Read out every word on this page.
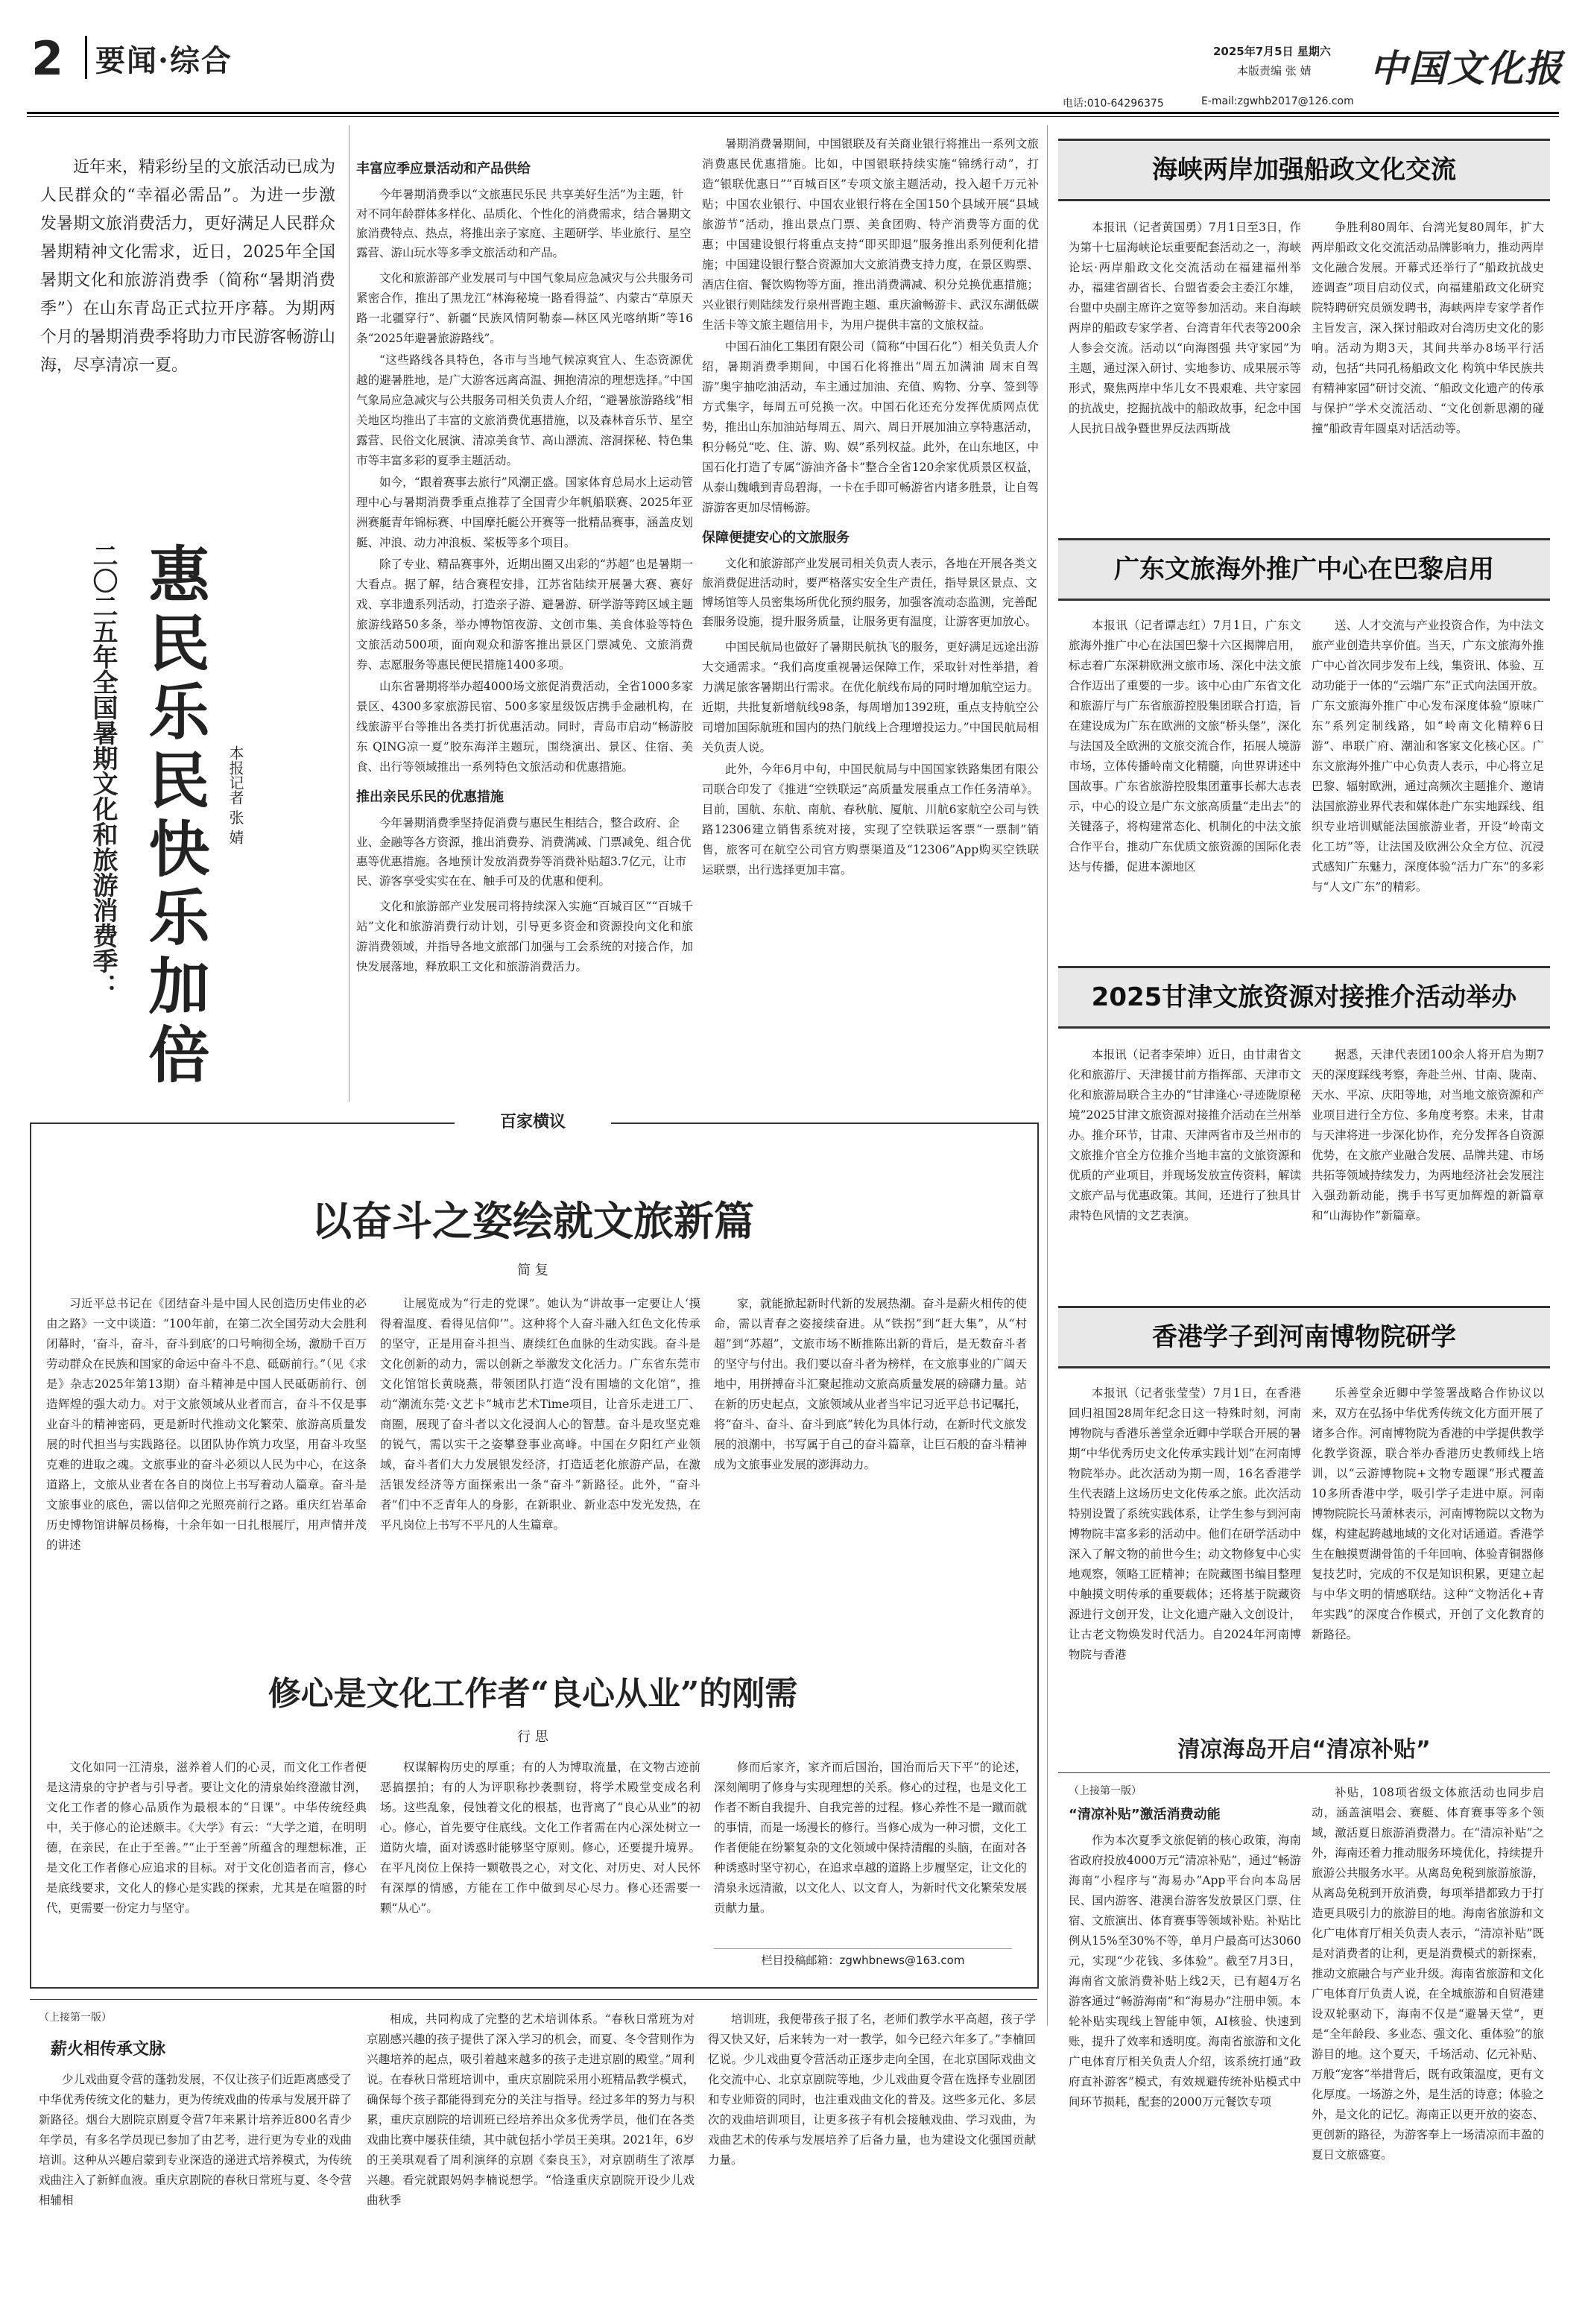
2 要闻·综合	2025年7月5日 星期六
本版责编 张 婧
电话:010-64296375	E-mail:zgwhb2017@126.com
中国文化报

近年来，精彩纷呈的文旅活动已成为人民群众的“幸福必需品”。为进一步激发暑期文旅消费活力，更好满足人民群众暑期精神文化需求，近日，2025年全国暑期文化和旅游消费季（简称“暑期消费季”）在山东青岛正式拉开序幕。为期两个月的暑期消费季将助力市民游客畅游山海，尽享清凉一夏。

二〇二五年全国暑期文化和旅游消费季： 惠民乐民快乐加倍 本报记者 张 婧
丰富应季应景活动和产品供给

今年暑期消费季以“文旅惠民乐民 共享美好生活”为主题，针对不同年龄群体多样化、品质化、个性化的消费需求，结合暑期文旅消费特点、热点，将推出亲子家庭、主题研学、毕业旅行、星空露营、游山玩水等多季文旅活动和产品。

文化和旅游部产业发展司与中国气象局应急减灾与公共服务司紧密合作，推出了黑龙江“林海秘境一路看得益”、内蒙古“草原天路一北疆穿行”、新疆“民族风情阿勒泰—林区风光喀纳斯”等16条“2025年避暑旅游路线”。

“这些路线各具特色，各市与当地气候凉爽宜人、生态资源优越的避暑胜地，是广大游客远离高温、拥抱清凉的理想选择。”中国气象局应急减灾与公共服务司相关负责人介绍，“避暑旅游路线”相关地区均推出了丰富的文旅消费优惠措施，以及森林音乐节、星空露营、民俗文化展演、清凉美食节、高山漂流、溶洞探秘、特色集市等丰富多彩的夏季主题活动。

如今，“跟着赛事去旅行”风潮正盛。国家体育总局水上运动管理中心与暑期消费季重点推荐了全国青少年帆船联赛、2025年亚洲赛艇青年锦标赛、中国摩托艇公开赛等一批精品赛事，涵盖皮划艇、冲浪、动力冲浪板、桨板等多个项目。

除了专业、精品赛事外，近期出圈又出彩的“苏超”也是暑期一大看点。据了解，结合赛程安排，江苏省陆续开展暑大赛、赛好戏、享非遗系列活动，打造亲子游、避暑游、研学游等跨区域主题旅游线路50多条，举办博物馆夜游、文创市集、美食体验等特色文旅活动500项，面向观众和游客推出景区门票减免、文旅消费券、志愿服务等惠民便民措施1400多项。

山东省暑期将举办超4000场文旅促消费活动，全省1000多家景区、4300多家旅游民宿、500多家星级饭店携手金融机构，在线旅游平台等推出各类打折优惠活动。同时，青岛市启动“畅游胶东 QING凉一夏”胶东海洋主题玩，围绕演出、景区、住宿、美食、出行等领域推出一系列特色文旅活动和优惠措施。

推出亲民乐民的优惠措施

今年暑期消费季坚持促消费与惠民生相结合，整合政府、企业、金融等各方资源，推出消费券、消费满减、门票减免、组合优惠等优惠措施。各地预计发放消费券等消费补贴超3.7亿元，让市民、游客享受实实在在、触手可及的优惠和便利。

文化和旅游部产业发展司将持续深入实施“百城百区”“百城千站”文化和旅游消费行动计划，引导更多资金和资源投向文化和旅游消费领域，并指导各地文旅部门加强与工会系统的对接合作，加快发展落地，释放职工文化和旅游消费活力。

暑期消费暑期间，中国银联及有关商业银行将推出一系列文旅消费惠民优惠措施。比如，中国银联持续实施“锦绣行动”，打造“银联优惠日”“百城百区”专项文旅主题活动，投入超千万元补贴；中国农业银行、中国农业银行将在全国150个县域开展“县域旅游节”活动，推出景点门票、美食团购、特产消费等方面的优惠；中国建设银行将重点支持“即买即退”服务推出系列便利化措施；中国建设银行整合资源加大文旅消费支持力度，在景区购票、酒店住宿、餐饮购物等方面，推出消费满减、积分兑换优惠措施；兴业银行则陆续发行泉州晋跑主题、重庆渝畅游卡、武汉东湖低碳生活卡等文旅主题信用卡，为用户提供丰富的文旅权益。

中国石油化工集团有限公司（简称“中国石化”）相关负责人介绍，暑期消费季期间，中国石化将推出“周五加满油 周末自驾游”奥宇抽吃油活动，车主通过加油、充值、购物、分享、签到等方式集字，每周五可兑换一次。中国石化还充分发挥优质网点优势，推出山东加油站每周五、周六、周日开展加油立享特惠活动，积分畅兑“吃、住、游、购、娱”系列权益。此外，在山东地区，中国石化打造了专属“游油齐备卡”整合全省120余家优质景区权益，从泰山魏峨到青岛碧海，一卡在手即可畅游省内诸多胜景，让自驾游游客更加尽情畅游。

保障便捷安心的文旅服务

文化和旅游部产业发展司相关负责人表示，各地在开展各类文旅消费促进活动时，要严格落实安全生产责任，指导景区景点、文博场馆等人员密集场所优化预约服务，加强客流动态监测，完善配套服务设施，提升服务质量，让服务更有温度，让游客更加放心。

中国民航局也做好了暑期民航执飞的服务，更好满足远途出游大交通需求。“我们高度重视暑运保障工作，采取针对性举措，着力满足旅客暑期出行需求。在优化航线布局的同时增加航空运力。近期，共批复新增航线98条，每周增加1392班，重点支持航空公司增加国际航班和国内的热门航线上合理增投运力。”中国民航局相关负责人说。

此外，今年6月中旬，中国民航局与中国国家铁路集团有限公司联合印发了《推进“空铁联运”高质量发展重点工作任务清单》。目前，国航、东航、南航、春秋航、厦航、川航6家航空公司与铁路12306建立销售系统对接，实现了空铁联运客票“一票制”销售，旅客可在航空公司官方购票渠道及“12306”App购买空铁联运联票，出行选择更加丰富。

海峡两岸加强船政文化交流

本报讯（记者黄国勇）7月1日至3日，作为第十七届海峡论坛重要配套活动之一，海峡论坛·两岸船政文化交流活动在福建福州举办，福建省副省长、台盟省委会主委江尔雄，台盟中央副主席许之宽等参加活动。来自海峡两岸的船政专家学者、台湾青年代表等200余人参会交流。活动以“向海图强 共守家园”为主题，通过深入研讨、实地参访、成果展示等形式，聚焦两岸中华儿女不畏艰难、共守家园的抗战史，挖掘抗战中的船政故事，纪念中国人民抗日战争暨世界反法西斯战

争胜利80周年、台湾光复80周年，扩大两岸船政文化交流活动品牌影响力，推动两岸文化融合发展。开幕式还举行了“船政抗战史迹调查”项目启动仪式，向福建船政文化研究院特聘研究员颁发聘书，海峡两岸专家学者作主旨发言，深入探讨船政对台湾历史文化的影响。活动为期3天，其间共举办8场平行活动，包括“共同孔杨船政文化 构筑中华民族共有精神家园”研讨交流、“船政文化遗产的传承与保护”学术交流活动、“文化创新思潮的碰撞”船政青年圆桌对话活动等。

广东文旅海外推广中心在巴黎启用

本报讯（记者谭志红）7月1日，广东文旅海外推广中心在法国巴黎十六区揭牌启用，标志着广东深耕欧洲文旅市场、深化中法文旅合作迈出了重要的一步。该中心由广东省文化和旅游厅与广东省旅游控股集团联合打造，旨在建设成为广东在欧洲的文旅“桥头堡”，深化与法国及全欧洲的文旅交流合作，拓展人境游市场，立体传播岭南文化精髓，向世界讲述中国故事。广东省旅游控股集团董事长郝大志表示，中心的设立是广东文旅高质量“走出去”的关键落子，将构建常态化、机制化的中法文旅合作平台，推动广东优质文旅资源的国际化表达与传播，促进本源地区

送、人才交流与产业投资合作，为中法文旅产业创造共享价值。当天，广东文旅海外推广中心首次同步发布上线，集资讯、体验、互动功能于一体的“云端广东”正式向法国开放。广东文旅海外推广中心发布深度体验“原味广东”系列定制线路，如“岭南文化精粹6日游”、串联广府、潮汕和客家文化核心区。广东文旅海外推广中心负责人表示，中心将立足巴黎、辐射欧洲，通过高频次主题推介、邀请法国旅游业界代表和媒体赴广东实地踩线、组织专业培训赋能法国旅游业者，开设“岭南文化工坊”等，让法国及欧洲公众全方位、沉浸式感知广东魅力，深度体验“活力广东”的多彩与“人文广东”的精彩。

2025甘津文旅资源对接推介活动举办

本报讯（记者李荣坤）近日，由甘肃省文化和旅游厅、天津援甘前方指挥部、天津市文化和旅游局联合主办的“甘津逢心·寻迹陇原秘境”2025甘津文旅资源对接推介活动在兰州举办。推介环节，甘肃、天津两省市及兰州市的文旅推介官全方位推介当地丰富的文旅资源和优质的产业项目，并现场发放宣传资料，解读文旅产品与优惠政策。其间，还进行了独具甘肃特色风情的文艺表演。

据悉，天津代表团100余人将开启为期7天的深度踩线考察，奔赴兰州、甘南、陇南、天水、平凉、庆阳等地，对当地文旅资源和产业项目进行全方位、多角度考察。未来，甘肃与天津将进一步深化协作，充分发挥各自资源优势，在文旅产业融合发展、品牌共建、市场共拓等领域持续发力，为两地经济社会发展注入强劲新动能，携手书写更加辉煌的新篇章和“山海协作”新篇章。

香港学子到河南博物院研学

本报讯（记者张莹莹）7月1日，在香港回归祖国28周年纪念日这一特殊时刻，河南博物院与香港乐善堂余近卿中学联合开展的暑期“中华优秀历史文化传承实践计划”在河南博物院举办。此次活动为期一周，16名香港学生代表踏上这场历史文化传承之旅。此次活动特别设置了系统实践体系，让学生参与到河南博物院丰富多彩的活动中。他们在研学活动中深入了解文物的前世今生；动文物修复中心实地观察，领略工匠精神；在院藏图书编目整理中触摸文明传承的重要载体；还将基于院藏资源进行文创开发，让文化遗产融入文创设计，让古老文物焕发时代活力。自2024年河南博物院与香港

乐善堂余近卿中学签署战略合作协议以来，双方在弘扬中华优秀传统文化方面开展了诸多合作。河南博物院为香港的中学提供教学化教学资源，联合举办香港历史教师线上培训，以“云游博物院+文物专题课”形式覆盖10多所香港中学，吸引学子走进中原。河南博物院院长马萧林表示，河南博物院以文物为媒，构建起跨越地域的文化对话通道。香港学生在触摸贾湖骨笛的千年回响、体验青铜器修复技艺时，完成的不仅是知识积累，更建立起与中华文明的情感联结。这种“文物活化+青年实践”的深度合作模式，开创了文化教育的新路径。

清凉海岛开启“清凉补贴”
（上接第一版）
“清凉补贴”激活消费动能

作为本次夏季文旅促销的核心政策，海南省政府投放4000万元“清凉补贴”，通过“畅游海南”小程序与“海易办”App平台向本岛居民、国内游客、港澳台游客发放景区门票、住宿、文旅演出、体育赛事等领域补贴。补贴比例从15%至30%不等，单月户最高可达3060元，实现“少花钱、多体验”。截至7月3日，海南省文旅消费补贴上线2天，已有超4万名游客通过“畅游海南”和“海易办”注册申领。本轮补贴实现线上智能申领，AI核验、快速到账，提升了效率和透明度。海南省旅游和文化广电体育厅相关负责人介绍，该系统打通“政府直补游客”模式，有效规避传统补贴模式中间环节损耗，配套的2000万元餐饮专项

补贴，108项省级文体旅活动也同步启动，涵盖演唱会、赛艇、体育赛事等多个领域，激活夏日旅游消费潜力。在“清凉补贴”之外，海南还着力推动服务环境优化，持续提升旅游公共服务水平。从离岛免税到旅游旅游，从离岛免税到开放消费，每项举措都致力于打造更具吸引力的旅游目的地。海南省旅游和文化广电体育厅相关负责人表示，“清凉补贴”既是对消费者的让利，更是消费模式的新探索，推动文旅融合与产业升级。海南省旅游和文化广电体育厅负责人说，在全城旅游和自贸港建设双轮驱动下，海南不仅是“避暑天堂”，更是“全年龄段、多业态、强文化、重体验”的旅游目的地。这个夏天，千场活动、亿元补贴、万般“宠客”举措背后，既有政策温度，更有文化厚度。一场游之外，是生活的诗意；体验之外，是文化的记忆。海南正以更开放的姿态、更创新的路径，为游客奉上一场清凉而丰盈的夏日文旅盛宴。

百家横议
以奋斗之姿绘就文旅新篇
简 复

习近平总书记在《团结奋斗是中国人民创造历史伟业的必由之路》一文中谈道：“100年前，在第二次全国劳动大会胜利闭幕时，‘奋斗，奋斗，奋斗到底’的口号响彻全场，激励千百万劳动群众在民族和国家的命运中奋斗不息、砥砺前行。”（见《求是》杂志2025年第13期）奋斗精神是中国人民砥砺前行、创造辉煌的强大动力。对于文旅领域从业者而言，奋斗不仅是事业奋斗的精神密码，更是新时代推动文化繁荣、旅游高质量发展的时代担当与实践路径。以团队协作筑力攻坚，用奋斗攻坚克难的进取之魂。文旅事业的奋斗必须以人民为中心，在这条道路上，文旅从业者在各自的岗位上书写着动人篇章。奋斗是文旅事业的底色，需以信仰之光照亮前行之路。重庆红岩革命历史博物馆讲解员杨梅，十余年如一日扎根展厅，用声情并茂的讲述

让展览成为“行走的党课”。她认为“讲故事一定要让人‘摸得着温度、看得见信仰’”。这种将个人奋斗融入红色文化传承的坚守，正是用奋斗担当、赓续红色血脉的生动实践。奋斗是文化创新的动力，需以创新之举激发文化活力。广东省东莞市文化馆馆长黄晓燕，带领团队打造“没有围墙的文化馆”，推动“潮流东莞·文艺卡”城市艺术Time项目，让音乐走进工厂、商圈，展现了奋斗者以文化浸润人心的智慧。奋斗是攻坚克难的锐气，需以实干之姿攀登事业高峰。中国在夕阳红产业领域，奋斗者们大力发展银发经济，打造适老化旅游产品，在激活银发经济等方面探索出一条“奋斗”新路径。此外，“奋斗者”们中不乏青年人的身影，在新职业、新业态中发光发热，在平凡岗位上书写不平凡的人生篇章。

家，就能掀起新时代新的发展热潮。奋斗是薪火相传的使命，需以青春之姿接续奋进。从“铁拐”到“赶大集”，从“村超”到“苏超”，文旅市场不断推陈出新的背后，是无数奋斗者的坚守与付出。我们要以奋斗者为榜样，在文旅事业的广阔天地中，用拼搏奋斗汇聚起推动文旅高质量发展的磅礴力量。站在新的历史起点，文旅领域从业者当牢记习近平总书记嘱托，将“奋斗、奋斗、奋斗到底”转化为具体行动，在新时代文旅发展的浪潮中，书写属于自己的奋斗篇章，让巨石般的奋斗精神成为文旅事业发展的澎湃动力。

修心是文化工作者“良心从业”的刚需
行 思

文化如同一江清泉，滋养着人们的心灵，而文化工作者便是这清泉的守护者与引导者。要让文化的清泉始终澄澈甘洌，文化工作者的修心品质作为最根本的“日课”。中华传统经典中，关于修心的论述颇丰。《大学》有云：“大学之道，在明明德，在亲民，在止于至善。”“止于至善”所蕴含的理想标准，正是文化工作者修心应追求的目标。对于文化创造者而言，修心是底线要求，文化人的修心是实践的探索，尤其是在喧嚣的时代，更需要一份定力与坚守。

权谋解构历史的厚重；有的人为博取流量，在文物古迹前恶搞摆拍；有的人为评职称抄袭剽窃，将学术殿堂变成名利场。这些乱象，侵蚀着文化的根基，也背离了“良心从业”的初心。修心，首先要守住底线。文化工作者需在内心深处树立一道防火墙，面对诱惑时能够坚守原则。修心，还要提升境界。在平凡岗位上保持一颗敬畏之心，对文化、对历史、对人民怀有深厚的情感，方能在工作中做到尽心尽力。修心还需要一颗“从心”。

修而后家齐，家齐而后国治，国治而后天下平”的论述，深刻阐明了修身与实现理想的关系。修心的过程，也是文化工作者不断自我提升、自我完善的过程。修心养性不是一蹴而就的事情，而是一场漫长的修行。当修心成为一种习惯，文化工作者便能在纷繁复杂的文化领域中保持清醒的头脑，在面对各种诱惑时坚守初心，在追求卓越的道路上步履坚定，让文化的清泉永远清澈，以文化人、以文育人，为新时代文化繁荣发展贡献力量。

栏目投稿邮箱：zgwhbnews@163.com
（上接第一版）
薪火相传承文脉

少儿戏曲夏令营的蓬勃发展，不仅让孩子们近距离感受了中华优秀传统文化的魅力，更为传统戏曲的传承与发展开辟了新路径。烟台大剧院京剧夏令营7年来累计培养近800名青少年学员，有多名学员现已参加了由艺考，进行更为专业的戏曲培训。这种从兴趣启蒙到专业深造的递进式培养模式，为传统戏曲注入了新鲜血液。重庆京剧院的春秋日常班与夏、冬令营相辅相

相成，共同构成了完整的艺术培训体系。“春秋日常班为对京剧感兴趣的孩子提供了深入学习的机会，而夏、冬令营则作为兴趣培养的起点，吸引着越来越多的孩子走进京剧的殿堂。”周利说。在春秋日常班培训中，重庆京剧院采用小班精品教学模式，确保每个孩子都能得到充分的关注与指导。经过多年的努力与积累，重庆京剧院的培训班已经培养出众多优秀学员，他们在各类戏曲比赛中屡获佳绩，其中就包括小学员王美琪。2021年，6岁的王美琪观看了周利演绎的京剧《秦良玉》，对京剧萌生了浓厚兴趣。看完就跟妈妈李楠说想学。“恰逢重庆京剧院开设少儿戏曲秋季

培训班，我便带孩子报了名，老师们教学水平高超，孩子学得又快又好，后来转为一对一教学，如今已经六年多了。”李楠回忆说。少儿戏曲夏令营活动正逐步走向全国，在北京国际戏曲文化交流中心、北京京剧院等地，少儿戏曲夏令营在选择专业剧团和专业师资的同时，也注重戏曲文化的普及。这些多元化、多层次的戏曲培训项目，让更多孩子有机会接触戏曲、学习戏曲，为戏曲艺术的传承与发展培养了后备力量，也为建设文化强国贡献力量。
